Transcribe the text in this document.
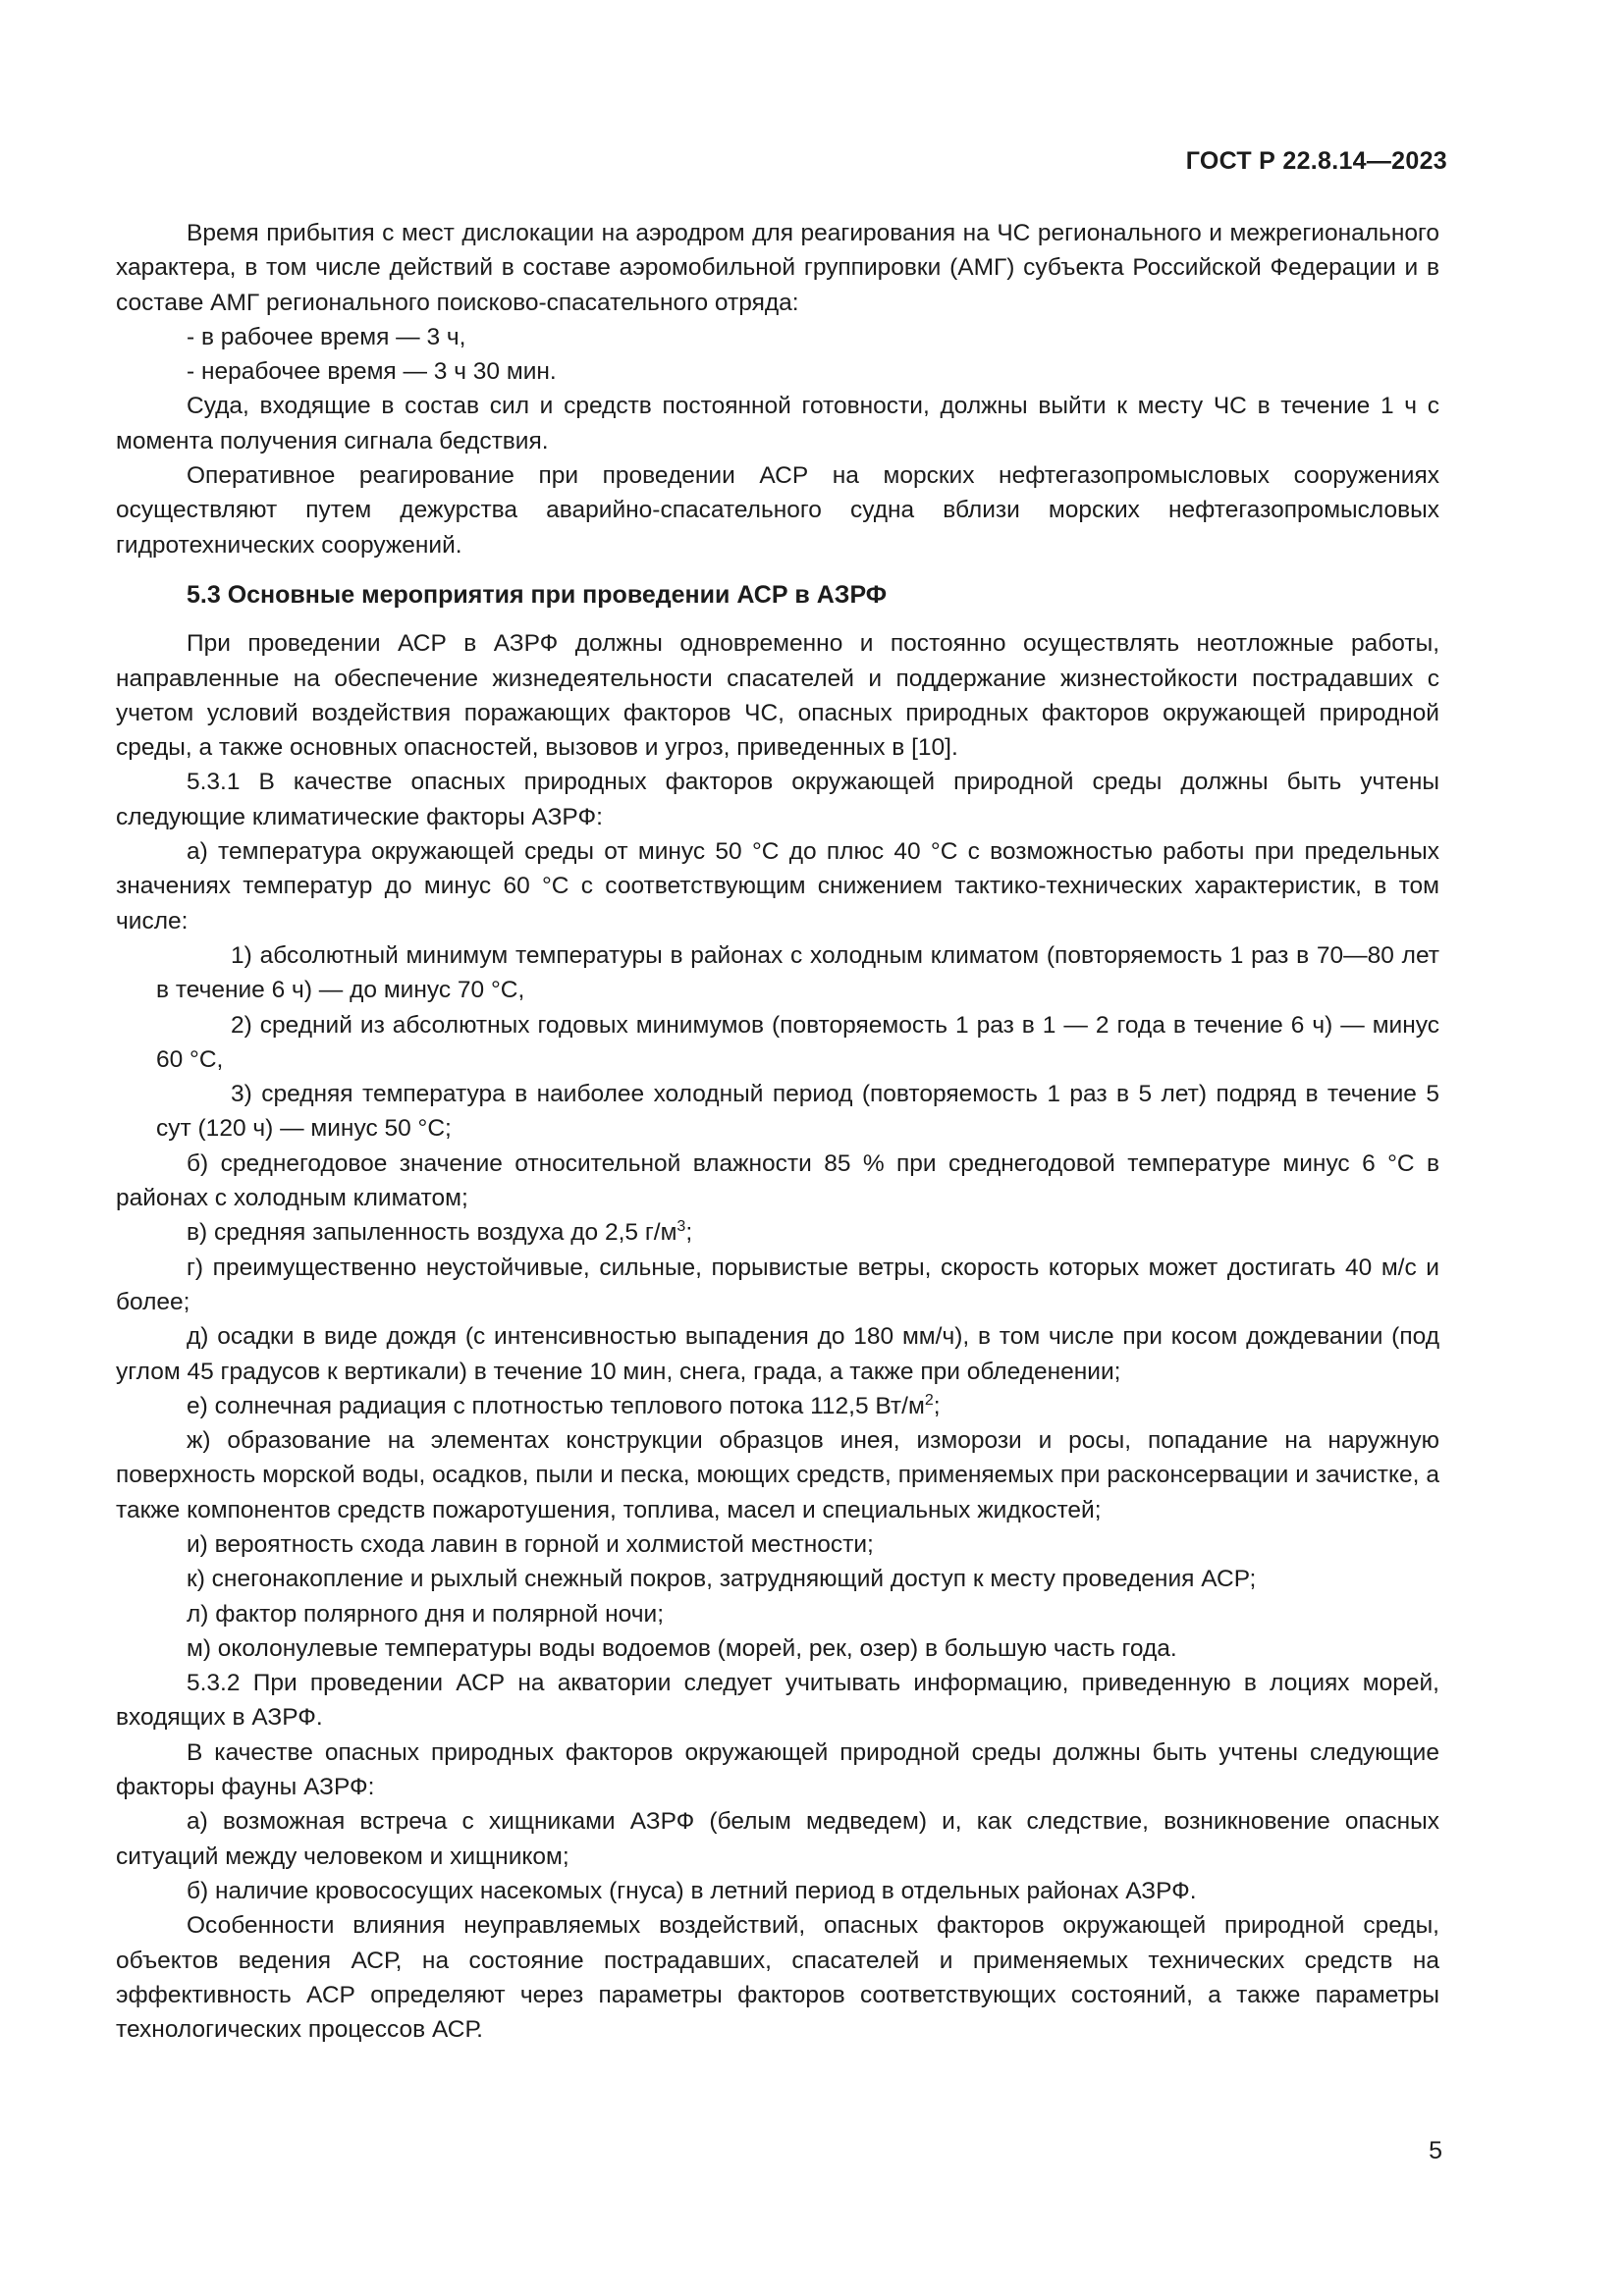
ГОСТ Р 22.8.14—2023

Время прибытия с мест дислокации на аэродром для реагирования на ЧС регионального и межрегионального характера, в том числе действий в составе аэромобильной группировки (АМГ) субъекта Российской Федерации и в составе АМГ регионального поисково-спасательного отряда:

- в рабочее время — 3 ч,

- нерабочее время — 3 ч 30 мин.

Суда, входящие в состав сил и средств постоянной готовности, должны выйти к месту ЧС в течение 1 ч с момента получения сигнала бедствия.

Оперативное реагирование при проведении АСР на морских нефтегазопромысловых сооружениях осуществляют путем дежурства аварийно-спасательного судна вблизи морских нефтегазопромысловых гидротехнических сооружений.

5.3 Основные мероприятия при проведении АСР в АЗРФ

При проведении АСР в АЗРФ должны одновременно и постоянно осуществлять неотложные работы, направленные на обеспечение жизнедеятельности спасателей и поддержание жизнестойкости пострадавших с учетом условий воздействия поражающих факторов ЧС, опасных природных факторов окружающей природной среды, а также основных опасностей, вызовов и угроз, приведенных в [10].

5.3.1 В качестве опасных природных факторов окружающей природной среды должны быть учтены следующие климатические факторы АЗРФ:

а) температура окружающей среды от минус 50 °С до плюс 40 °С с возможностью работы при предельных значениях температур до минус 60 °С с соответствующим снижением тактико-технических характеристик, в том числе:

1) абсолютный минимум температуры в районах с холодным климатом (повторяемость 1 раз в 70—80 лет в течение 6 ч) — до минус 70 °С,

2) средний из абсолютных годовых минимумов (повторяемость 1 раз в 1 — 2 года в течение 6 ч) — минус 60 °С,

3) средняя температура в наиболее холодный период (повторяемость 1 раз в 5 лет) подряд в течение 5 сут (120 ч) — минус 50 °С;

б) среднегодовое значение относительной влажности 85 % при среднегодовой температуре минус 6 °С в районах с холодным климатом;

в) средняя запыленность воздуха до 2,5 $г/м^3$;

г) преимущественно неустойчивые, сильные, порывистые ветры, скорость которых может достигать 40 м/с и более;

д) осадки в виде дождя (с интенсивностью выпадения до 180 мм/ч), в том числе при косом дождевании (под углом 45 градусов к вертикали) в течение 10 мин, снега, града, а также при обледенении;

е) солнечная радиация с плотностью теплового потока 112,5 $Вт/м^2$;

ж) образование на элементах конструкции образцов инея, изморози и росы, попадание на наружную поверхность морской воды, осадков, пыли и песка, моющих средств, применяемых при расконсервации и зачистке, а также компонентов средств пожаротушения, топлива, масел и специальных жидкостей;

и) вероятность схода лавин в горной и холмистой местности;

к) снегонакопление и рыхлый снежный покров, затрудняющий доступ к месту проведения АСР;

л) фактор полярного дня и полярной ночи;

м) околонулевые температуры воды водоемов (морей, рек, озер) в большую часть года.

5.3.2 При проведении АСР на акватории следует учитывать информацию, приведенную в лоциях морей, входящих в АЗРФ.

В качестве опасных природных факторов окружающей природной среды должны быть учтены следующие факторы фауны АЗРФ:

а) возможная встреча с хищниками АЗРФ (белым медведем) и, как следствие, возникновение опасных ситуаций между человеком и хищником;

б) наличие кровососущих насекомых (гнуса) в летний период в отдельных районах АЗРФ.

Особенности влияния неуправляемых воздействий, опасных факторов окружающей природной среды, объектов ведения АСР, на состояние пострадавших, спасателей и применяемых технических средств на эффективность АСР определяют через параметры факторов соответствующих состояний, а также параметры технологических процессов АСР.

5
